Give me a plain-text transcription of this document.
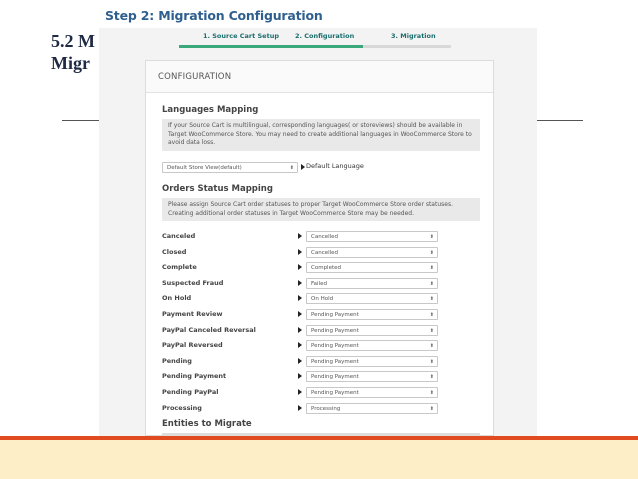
5.2 M
Migr
Step 2: Migration Configuration
1. Source Cart Setup 2. Configuration	3. Migration
CONFIGURATION
Languages Mapping
If your Source Cart is multilingual, corresponding languages( or storeviews) should be available in Target WooCommerce Store. You may need to create additional languages in WooCommerce Store to avoid data loss.
Default Store View(default)	⬍ Default Language
Orders Status Mapping
Please assign Source Cart order statuses to proper Target WooCommerce Store order statuses. Creating additional order statuses in Target WooCommerce Store may be needed.
Canceled	Cancelled	⬍
Closed	Cancelled	⬍
Complete	Completed	⬍
Suspected Fraud	Failed	⬍
On Hold	On Hold	⬍
Payment Review	Pending Payment	⬍
PayPal Canceled Reversal	Pending Payment	⬍
PayPal Reversed	Pending Payment	⬍
Pending	Pending Payment	⬍
Pending Payment	Pending Payment	⬍
Pending PayPal	Pending Payment	⬍
Processing	Processing	⬍
Entities to Migrate
